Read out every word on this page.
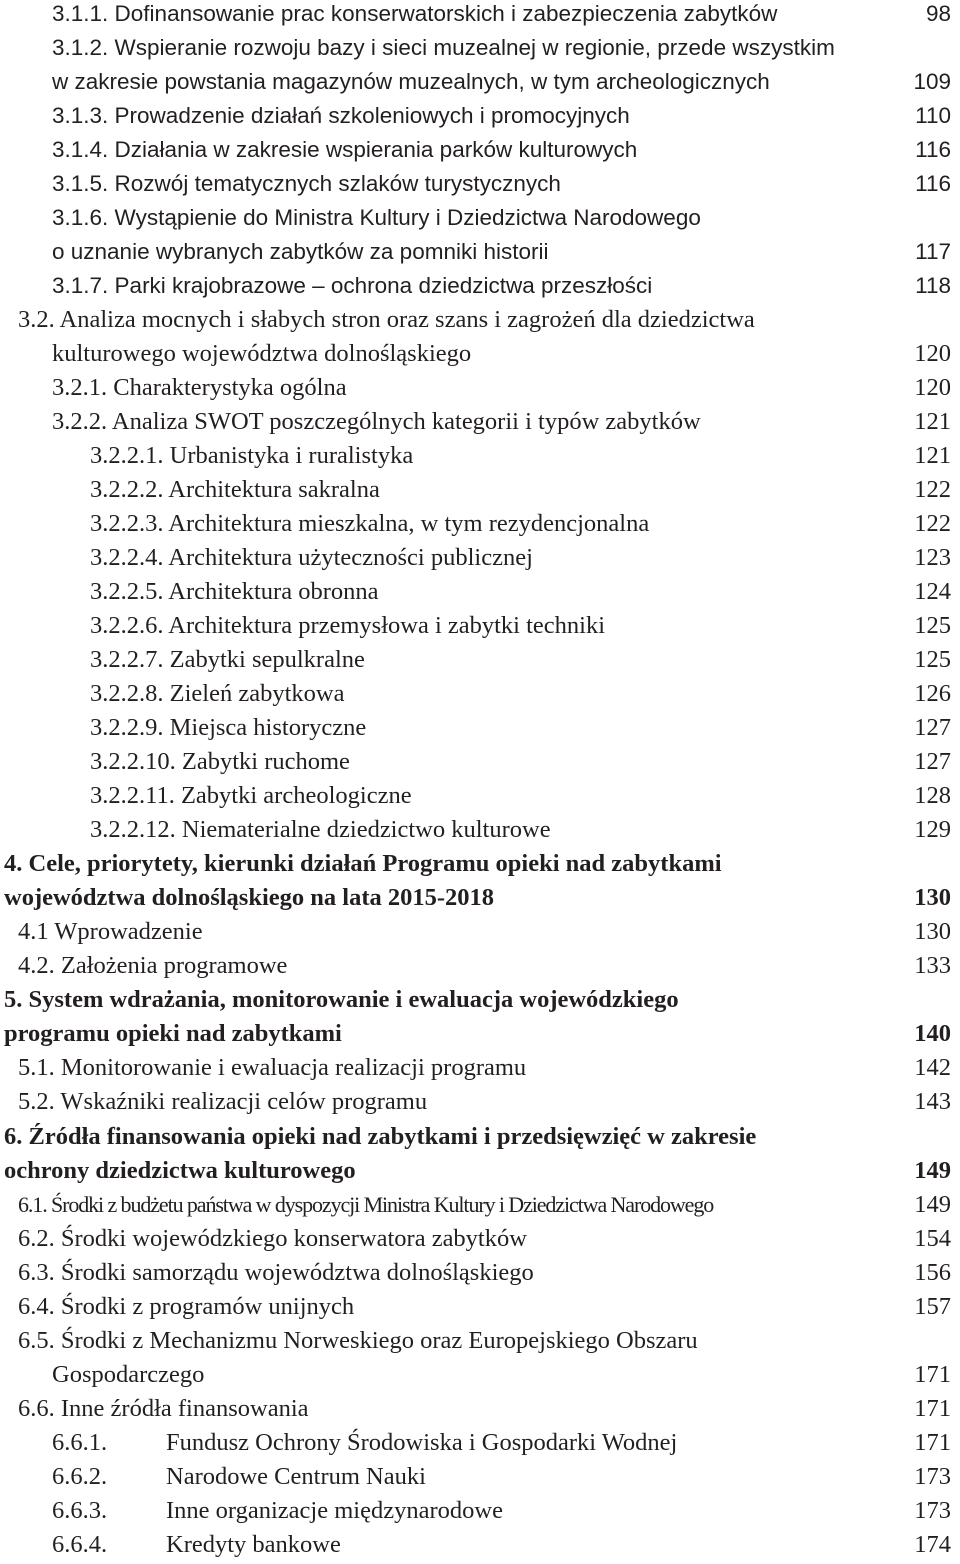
3.1.1. Dofinansowanie prac konserwatorskich i zabezpieczenia zabytków	98
3.1.2. Wspieranie rozwoju bazy i sieci muzealnej w regionie, przede wszystkim
w zakresie powstania magazynów muzealnych, w tym archeologicznych	109
3.1.3. Prowadzenie działań szkoleniowych i promocyjnych	110
3.1.4. Działania w zakresie wspierania parków kulturowych	116
3.1.5. Rozwój tematycznych szlaków turystycznych	116
3.1.6. Wystąpienie do Ministra Kultury i Dziedzictwa Narodowego
o uznanie wybranych zabytków za pomniki historii	117
3.1.7. Parki krajobrazowe – ochrona dziedzictwa przeszłości	118
3.2. Analiza mocnych i słabych stron oraz szans i zagrożeń dla dziedzictwa
kulturowego województwa dolnośląskiego	120
3.2.1. Charakterystyka ogólna	120
3.2.2. Analiza SWOT poszczególnych kategorii i typów zabytków	121
3.2.2.1. Urbanistyka i ruralistyka	121
3.2.2.2. Architektura sakralna	122
3.2.2.3. Architektura mieszkalna, w tym rezydencjonalna	122
3.2.2.4. Architektura użyteczności publicznej	123
3.2.2.5. Architektura obronna	124
3.2.2.6. Architektura przemysłowa i zabytki techniki	125
3.2.2.7. Zabytki sepulkralne	125
3.2.2.8. Zieleń zabytkowa	126
3.2.2.9. Miejsca historyczne	127
3.2.2.10. Zabytki ruchome	127
3.2.2.11. Zabytki archeologiczne	128
3.2.2.12. Niematerialne dziedzictwo kulturowe	129
4. Cele, priorytety, kierunki działań Programu opieki nad zabytkami
województwa dolnośląskiego na lata 2015-2018	130
4.1 Wprowadzenie	130
4.2. Założenia programowe	133
5. System wdrażania, monitorowanie i ewaluacja wojewódzkiego
programu opieki nad zabytkami	140
5.1. Monitorowanie i ewaluacja realizacji programu	142
5.2. Wskaźniki realizacji celów programu	143
6. Źródła finansowania opieki nad zabytkami i przedsięwzięć w zakresie
ochrony dziedzictwa kulturowego	149
6.1. Środki z budżetu państwa w dyspozycji Ministra Kultury i Dziedzictwa Narodowego	149
6.2. Środki wojewódzkiego konserwatora zabytków	154
6.3. Środki samorządu województwa dolnośląskiego	156
6.4. Środki z programów unijnych	157
6.5. Środki z Mechanizmu Norweskiego oraz Europejskiego Obszaru
Gospodarczego	171
6.6. Inne źródła finansowania	171
6.6.1. Fundusz Ochrony Środowiska i Gospodarki Wodnej	171
6.6.2. Narodowe Centrum Nauki	173
6.6.3. Inne organizacje międzynarodowe	173
6.6.4. Kredyty bankowe	174
